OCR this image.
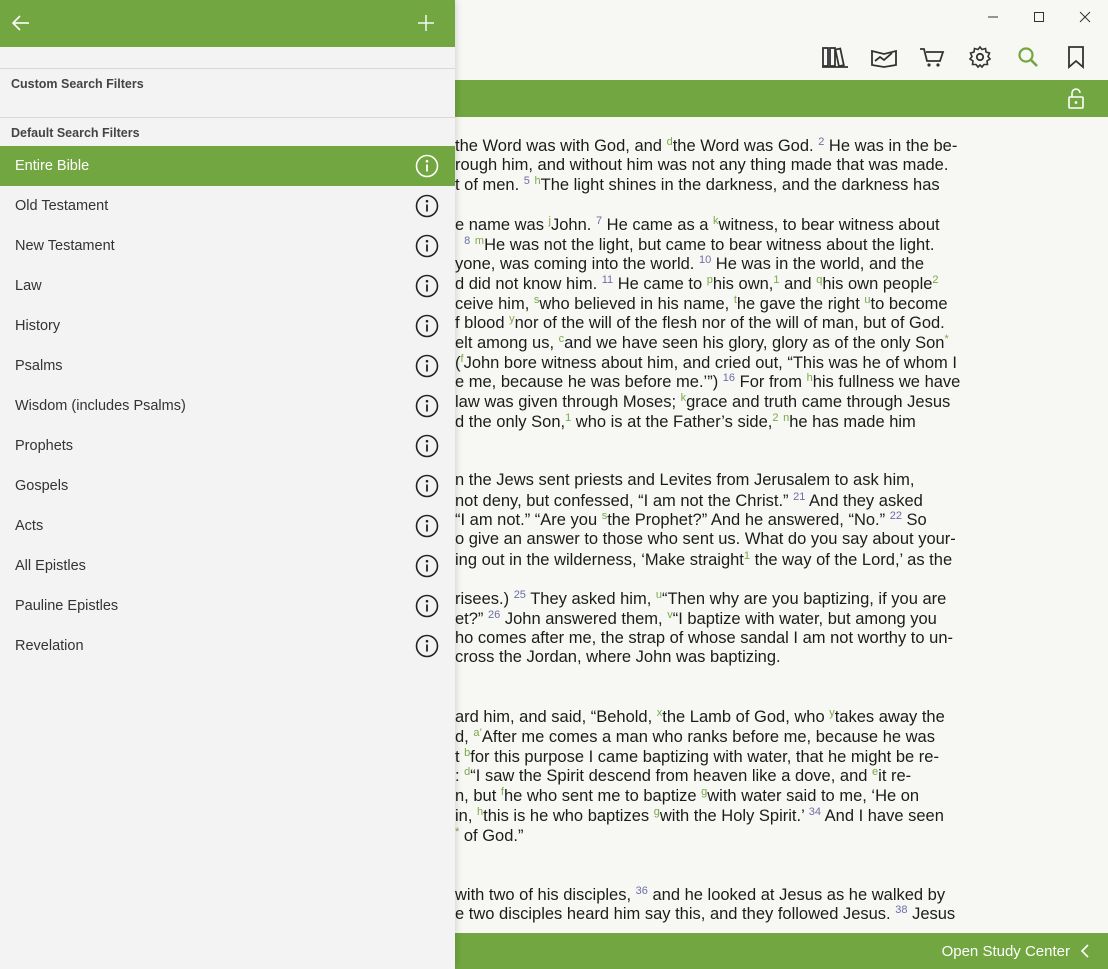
the Word was with God, and $^d$the Word was God. $^2$ He was in the be-
rough him, and without him was not any thing made that was made.
t of men. $^5$ $^h$The light shines in the darkness, and the darkness has
e name was $^j$John. $^7$ He came as a $^k$witness, to bear witness about
$^8$ $^m$He was not the light, but came to bear witness about the light.
yone, was coming into the world. $^{10}$ He was in the world, and the
d did not know him. $^{11}$ He came to $^p$his own,$^1$ and $^q$his own people$^2$
ceive him, $^s$who believed in his name, $^t$he gave the right $^u$to become
f blood $^y$nor of the will of the flesh nor of the will of man, but of God.
elt among us, $^c$and we have seen his glory, glory as of the only Son*
($^f$John bore witness about him, and cried out, “This was he of whom I
e me, because he was before me.’”) $^{16}$ For from $^h$his fullness we have
law was given through Moses; $^k$grace and truth came through Jesus
d the only Son,$^1$ who is at the Father’s side,$^2$ $^n$he has made him
n the Jews sent priests and Levites from Jerusalem to ask him,
not deny, but confessed, “I am not the Christ.” $^{21}$ And they asked
“I am not.” “Are you $^s$the Prophet?” And he answered, “No.” $^{22}$ So
o give an answer to those who sent us. What do you say about your-
ing out in the wilderness, ‘Make straight$^1$ the way of the Lord,’ as the
risees.) $^{25}$ They asked him, $^u$“Then why are you baptizing, if you are
et?” $^{26}$ John answered them, $^v$“I baptize with water, but among you
ho comes after me, the strap of whose sandal I am not worthy to un-
cross the Jordan, where John was baptizing.
ard him, and said, “Behold, $^x$the Lamb of God, who $^y$takes away the
d, $^{a’}$After me comes a man who ranks before me, because he was
t $^b$for this purpose I came baptizing with water, that he might be re-
: $^d$“I saw the Spirit descend from heaven like a dove, and $^e$it re-
n, but $^f$he who sent me to baptize $^g$with water said to me, ‘He on
in, $^h$this is he who baptizes $^g$with the Holy Spirit.’ $^{34}$ And I have seen
* of God.”
with two of his disciples, $^{36}$ and he looked at Jesus as he walked by
e two disciples heard him say this, and they followed Jesus. $^{38}$ Jesus
Open Study Center
Custom Search Filters
Default Search Filters
Entire Bible
Old Testament
New Testament
Law
History
Psalms
Wisdom (includes Psalms)
Prophets
Gospels
Acts
All Epistles
Pauline Epistles
Revelation
